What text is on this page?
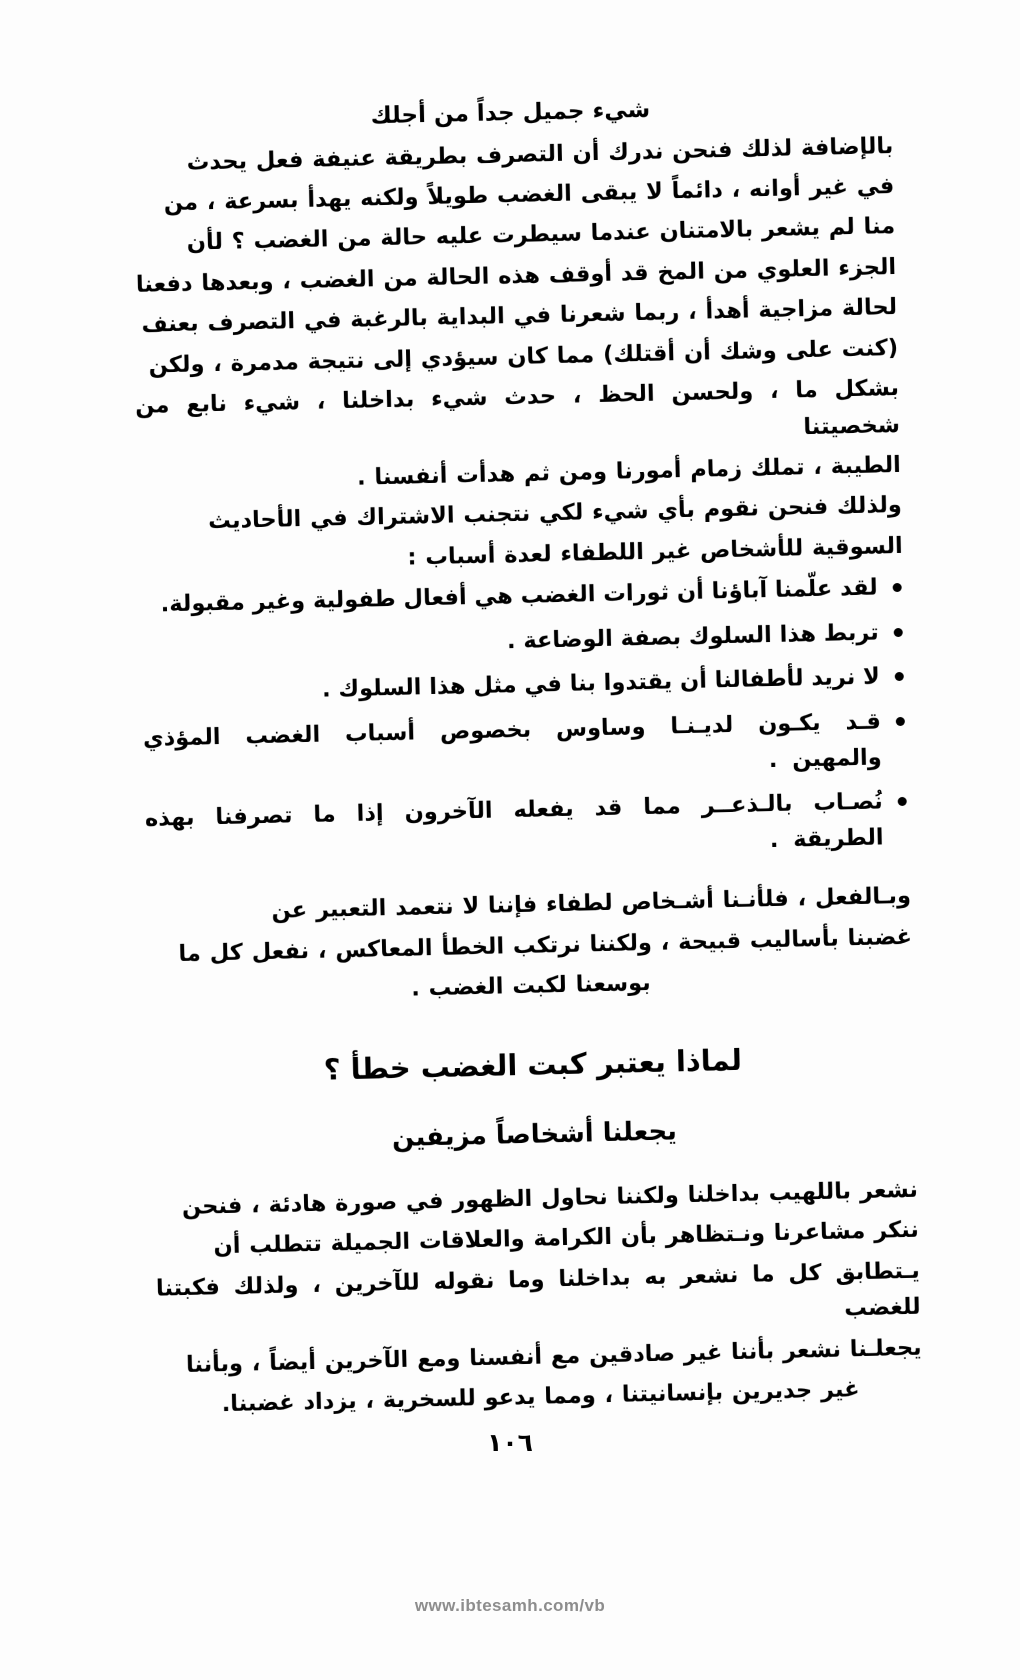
شيء جميل جداً من أجلك

بالإضافة لذلك فنحن ندرك أن التصرف بطريقة عنيفة فعل يحدث

في غير أوانه ، دائماً لا يبقى الغضب طويلاً ولكنه يهدأ بسرعة ، من

منا لم يشعر بالامتنان عندما سيطرت عليه حالة من الغضب ؟ لأن

الجزء العلوي من المخ قد أوقف هذه الحالة من الغضب ، وبعدها دفعنا

لحالة مزاجية أهدأ ، ربما شعرنا في البداية بالرغبة في التصرف بعنف

(كنت على وشك أن أقتلك) مما كان سيؤدي إلى نتيجة مدمرة ، ولكن

بشكل ما ، ولحسن الحظ ، حدث شيء بداخلنا ، شيء نابع من شخصيتنا

الطيبة ، تملك زمام أمورنا ومن ثم هدأت أنفسنا .

ولذلك فنحن نقوم بأي شيء لكي نتجنب الاشتراك في الأحاديث

السوقية للأشخاص غير اللطفاء لعدة أسباب :

لقد علّمنا آباؤنا أن ثورات الغضب هي أفعال طفولية وغير مقبولة.
تربط هذا السلوك بصفة الوضاعة .
لا نريد لأطفالنا أن يقتدوا بنا في مثل هذا السلوك .
قـد يكـون لديـنـا وساوس بخصوص أسباب الغضب المؤذي والمهين .
نُصـاب بالـذعــر مما قد يفعله الآخرون إذا ما تصرفنا بهذه الطريقة .

وبـالفعل ، فلأنـنا أشـخاص لطفاء فإننا لا نتعمد التعبير عن

غضبنا بأساليب قبيحة ، ولكننا نرتكب الخطأ المعاكس ، نفعل كل ما

بوسعنا لكبت الغضب .

لماذا يعتبر كبت الغضب خطأ ؟
يجعلنا أشخاصاً مزيفين

نشعر باللهيب بداخلنا ولكننا نحاول الظهور في صورة هادئة ، فنحن

ننكر مشاعرنا ونـتظاهر بأن الكرامة والعلاقات الجميلة تتطلب أن

يـتطابق كل ما نشعر به بداخلنا وما نقوله للآخرين ، ولذلك فكبتنا للغضب

يجعلـنا نشعر بأننا غير صادقين مع أنفسنا ومع الآخرين أيضاً ، وبأننا

غير جديرين بإنسانيتنا ، ومما يدعو للسخرية ، يزداد غضبنا.

١٠٦
www.ibtesamh.com/vb
